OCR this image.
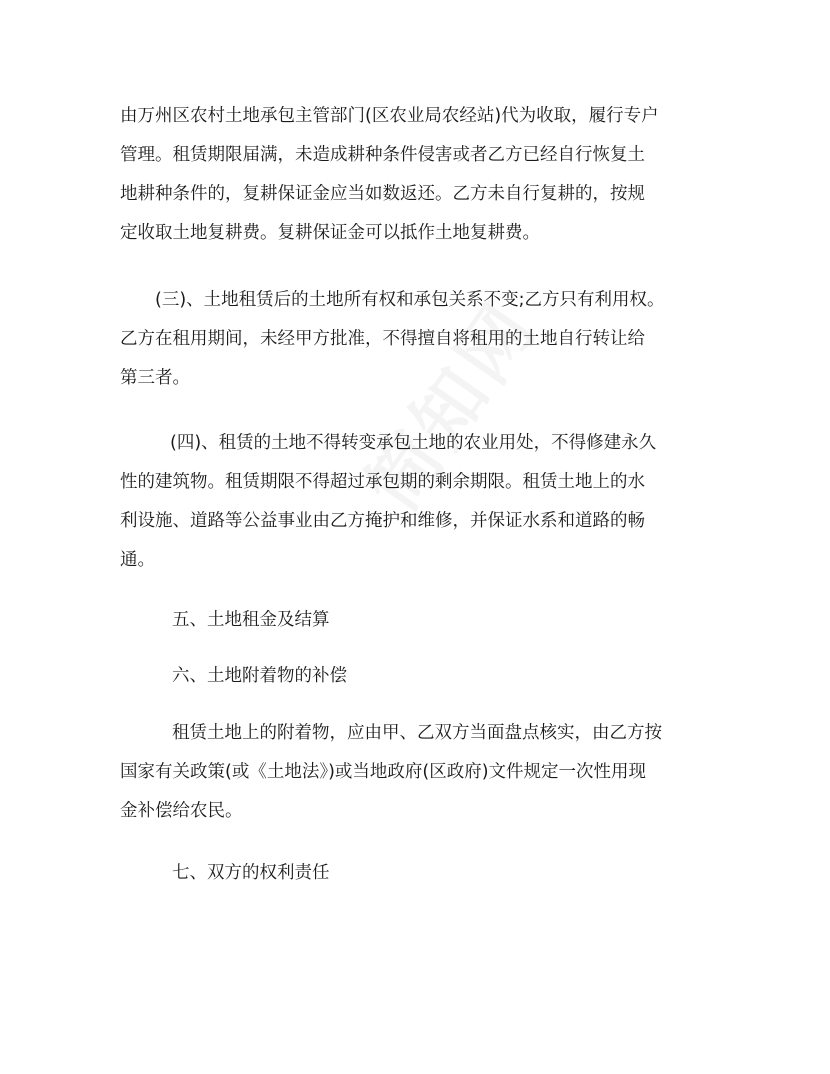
由万州区农村土地承包主管部门(区农业局农经站)代为收取，履行专户
管理。租赁期限届满，未造成耕种条件侵害或者乙方已经自行恢复土
地耕种条件的，复耕保证金应当如数返还。乙方未自行复耕的，按规
定收取土地复耕费。复耕保证金可以抵作土地复耕费。
(三)、土地租赁后的土地所有权和承包关系不变;乙方只有利用权。
乙方在租用期间，未经甲方批准，不得擅自将租用的土地自行转让给
第三者。
(四)、租赁的土地不得转变承包土地的农业用处，不得修建永久
性的建筑物。租赁期限不得超过承包期的剩余期限。租赁土地上的水
利设施、道路等公益事业由乙方掩护和维修，并保证水系和道路的畅
通。
五、土地租金及结算
六、土地附着物的补偿
租赁土地上的附着物，应由甲、乙双方当面盘点核实，由乙方按
国家有关政策(或《土地法》)或当地政府(区政府)文件规定一次性用现
金补偿给农民。
七、双方的权利责任
